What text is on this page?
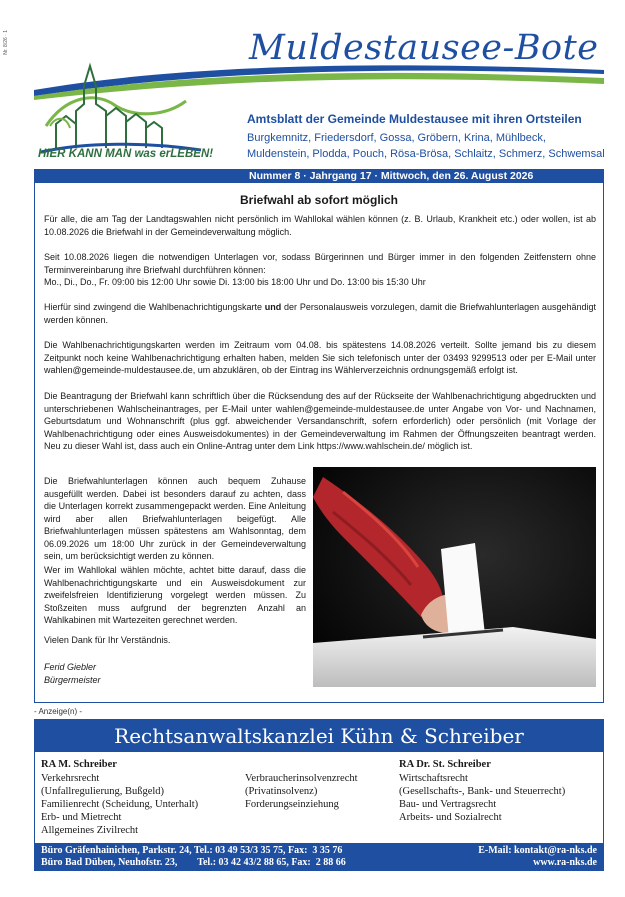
Nr. 8/26 · 1	Muldestausee-Bote
HIER KANN MAN was erLEBEN!
Amtsblatt der Gemeinde Muldestausee mit ihren Ortsteilen
Burgkemnitz, Friedersdorf, Gossa, Gröbern, Krina, Mühlbeck, Muldenstein, Plodda, Pouch, Rösa-Brösa, Schlaitz, Schmerz, Schwemsal
Nummer 8 · Jahrgang 17 · Mittwoch, den 26. August 2026
Briefwahl ab sofort möglich

Für alle, die am Tag der Landtagswahlen nicht persönlich im Wahllokal wählen können (z. B. Urlaub, Krankheit etc.) oder wollen, ist ab 10.08.2026 die Briefwahl in der Gemeindeverwaltung möglich.

Seit 10.08.2026 liegen die notwendigen Unterlagen vor, sodass Bürgerinnen und Bürger immer in den folgenden Zeitfenstern ohne Terminvereinbarung ihre Briefwahl durchführen können:

Mo., Di., Do., Fr. 09:00 bis 12:00 Uhr sowie Di. 13:00 bis 18:00 Uhr und Do. 13:00 bis 15:30 Uhr

Hierfür sind zwingend die Wahlbenachrichtigungskarte und der Personalausweis vorzulegen, damit die Briefwahlunterlagen ausgehändigt werden können.

Die Wahlbenachrichtigungskarten werden im Zeitraum vom 04.08. bis spätestens 14.08.2026 verteilt. Sollte jemand bis zu diesem Zeitpunkt noch keine Wahlbenachrichtigung erhalten haben, melden Sie sich telefonisch unter der 03493 9299513 oder per E-Mail unter wahlen@gemeinde-muldestausee.de, um abzuklären, ob der Eintrag ins Wählerverzeichnis ordnungsgemäß erfolgt ist.

Die Beantragung der Briefwahl kann schriftlich über die Rücksendung des auf der Rückseite der Wahlbenachrichtigung abgedruckten und unterschriebenen Wahlscheinantrages, per E-Mail unter wahlen@gemeinde-muldestausee.de unter Angabe von Vor- und Nachnamen, Geburtsdatum und Wohnanschrift (plus ggf. abweichender Versandanschrift, sofern erforderlich) oder persönlich (mit Vorlage der Wahlbenachrichtigung oder eines Ausweisdokumentes) in der Gemeindeverwaltung im Rahmen der Öffnungszeiten beantragt werden. Neu zu dieser Wahl ist, dass auch ein Online-Antrag unter dem Link https://www.wahlschein.de/ möglich ist.

Die Briefwahlunterlagen können auch bequem Zuhause ausgefüllt werden. Dabei ist besonders darauf zu achten, dass die Unterlagen korrekt zusammengepackt werden. Eine Anleitung wird aber allen Briefwahlunterlagen beigefügt. Alle Briefwahlunterlagen müssen spätestens am Wahlsonntag, dem 06.09.2026 um 18:00 Uhr zurück in der Gemeindeverwaltung sein, um berücksichtigt werden zu können.

Wer im Wahllokal wählen möchte, achtet bitte darauf, dass die Wahlbenachrichtigungskarte und ein Ausweisdokument zur zweifelsfreien Identifizierung vorgelegt werden müssen. Zu Stoßzeiten muss aufgrund der begrenzten Anzahl an Wahlkabinen mit Wartezeiten gerechnet werden.

Vielen Dank für Ihr Verständnis.

Ferid Giebler
Bürgermeister
- Anzeige(n) -
Rechtsanwaltskanzlei Kühn & Schreiber
RA M. Schreiber
Verkehrsrecht
(Unfallregulierung, Bußgeld)
Familienrecht (Scheidung, Unterhalt)
Erb- und Mietrecht
Allgemeines Zivilrecht
Verbraucherinsolvenzrecht
(Privatinsolvenz)
Forderungseinziehung
RA Dr. St. Schreiber
Wirtschaftsrecht
(Gesellschafts-, Bank- und Steuerrecht)
Bau- und Vertragsrecht
Arbeits- und Sozialrecht
Büro Gräfenhainichen, Parkstr. 24, Tel.: 03 49 53/3 35 75, Fax:  3 35 76
Büro Bad Düben, Neuhofstr. 23,        Tel.: 03 42 43/2 88 65, Fax:  2 88 66
E-Mail: kontakt@ra-nks.de
www.ra-nks.de
